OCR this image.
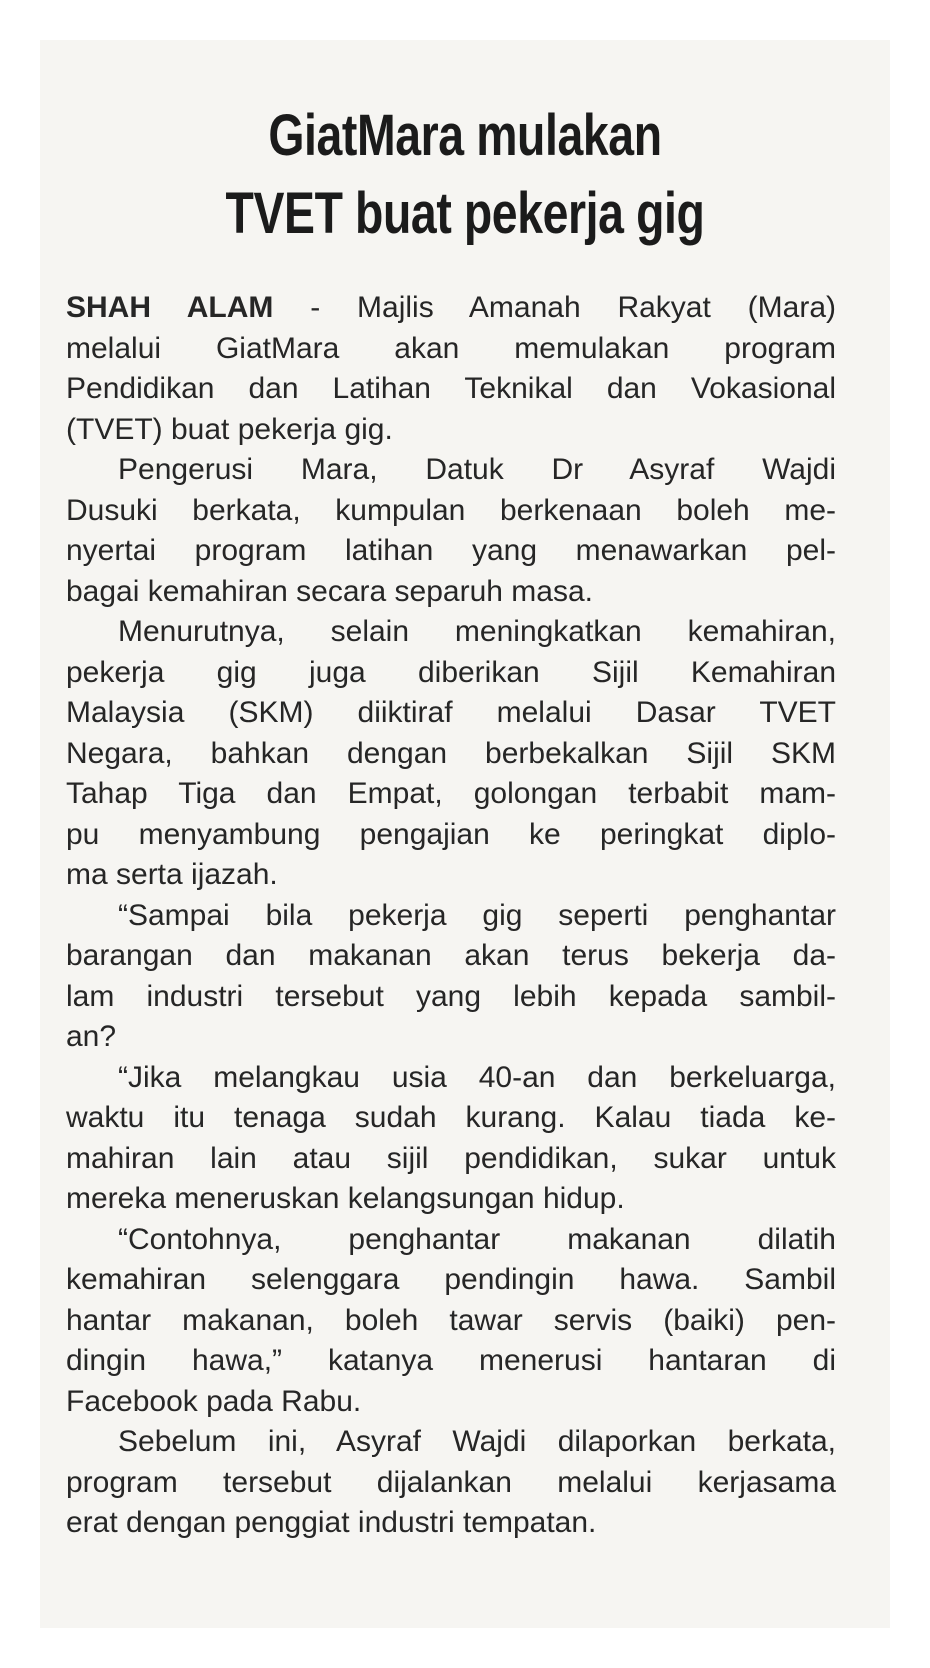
GiatMara mulakan
TVET buat pekerja gig
SHAH ALAM - Majlis Amanah Rakyat (Mara)
melalui GiatMara akan memulakan program
Pendidikan dan Latihan Teknikal dan Vokasional
(TVET) buat pekerja gig.
Pengerusi Mara, Datuk Dr Asyraf Wajdi
Dusuki berkata, kumpulan berkenaan boleh me-
nyertai program latihan yang menawarkan pel-
bagai kemahiran secara separuh masa.
Menurutnya, selain meningkatkan kemahiran,
pekerja gig juga diberikan Sijil Kemahiran
Malaysia (SKM) diiktiraf melalui Dasar TVET
Negara, bahkan dengan berbekalkan Sijil SKM
Tahap Tiga dan Empat, golongan terbabit mam-
pu menyambung pengajian ke peringkat diplo-
ma serta ijazah.
“Sampai bila pekerja gig seperti penghantar
barangan dan makanan akan terus bekerja da-
lam industri tersebut yang lebih kepada sambil-
an?
“Jika melangkau usia 40-an dan berkeluarga,
waktu itu tenaga sudah kurang. Kalau tiada ke-
mahiran lain atau sijil pendidikan, sukar untuk
mereka meneruskan kelangsungan hidup.
“Contohnya, penghantar makanan dilatih
kemahiran selenggara pendingin hawa. Sambil
hantar makanan, boleh tawar servis (baiki) pen-
dingin hawa,” katanya menerusi hantaran di
Facebook pada Rabu.
Sebelum ini, Asyraf Wajdi dilaporkan berkata,
program tersebut dijalankan melalui kerjasama
erat dengan penggiat industri tempatan.
